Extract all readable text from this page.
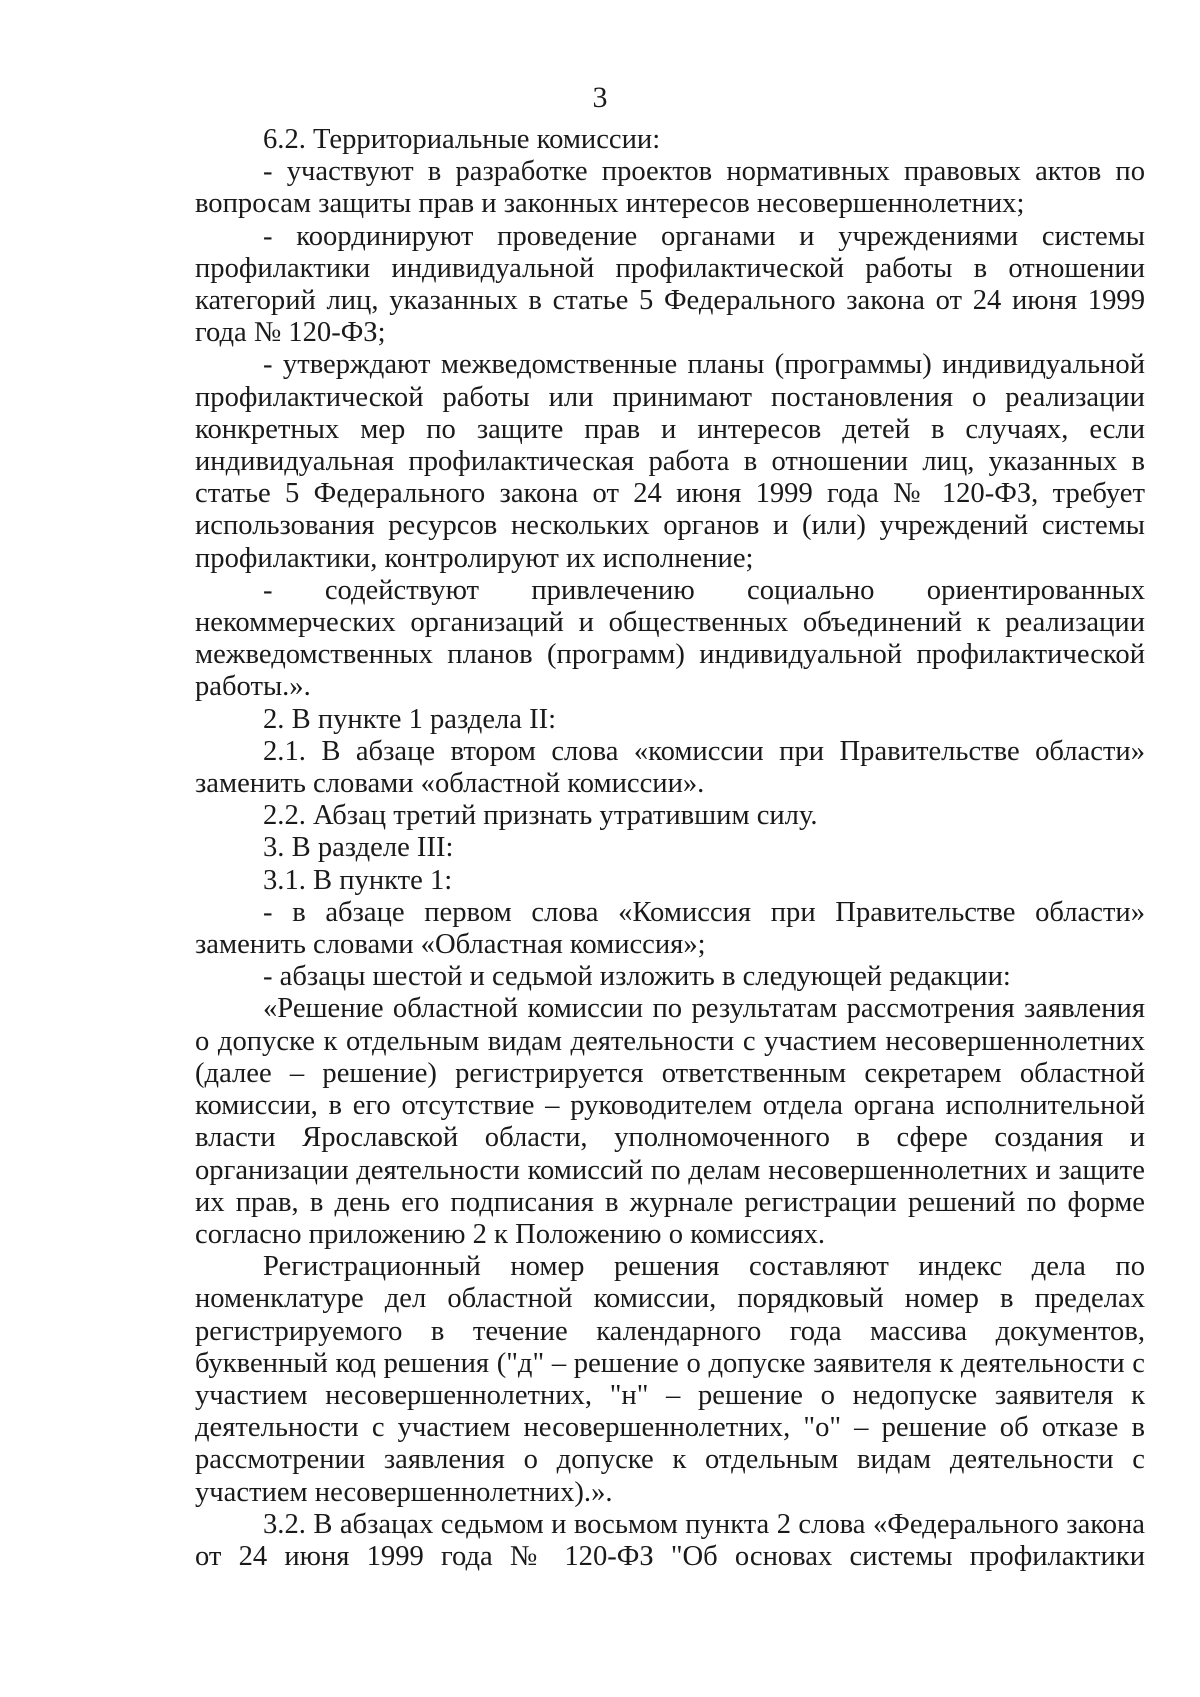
3

6.2. Территориальные комиссии:

- участвуют в разработке проектов нормативных правовых актов по вопросам защиты прав и законных интересов несовершеннолетних;

- координируют проведение органами и учреждениями системы профилактики индивидуальной профилактической работы в отношении категорий лиц, указанных в статье 5 Федерального закона от 24 июня 1999 года № 120-ФЗ;

- утверждают межведомственные планы (программы) индивидуальной профилактической работы или принимают постановления о реализации конкретных мер по защите прав и интересов детей в случаях, если индивидуальная профилактическая работа в отношении лиц, указанных в статье 5 Федерального закона от 24 июня 1999 года № 120-ФЗ, требует использования ресурсов нескольких органов и (или) учреждений системы профилактики, контролируют их исполнение;

- содействуют привлечению социально ориентированных некоммерческих организаций и общественных объединений к реализации межведомственных планов (программ) индивидуальной профилактической работы.».

2. В пункте 1 раздела II:

2.1. В абзаце втором слова «комиссии при Правительстве области» заменить словами «областной комиссии».

2.2. Абзац третий признать утратившим силу.

3. В разделе III:

3.1. В пункте 1:

- в абзаце первом слова «Комиссия при Правительстве области» заменить словами «Областная комиссия»;

- абзацы шестой и седьмой изложить в следующей редакции:

«Решение областной комиссии по результатам рассмотрения заявления о допуске к отдельным видам деятельности с участием несовершеннолетних (далее – решение) регистрируется ответственным секретарем областной комиссии, в его отсутствие – руководителем отдела органа исполнительной власти Ярославской области, уполномоченного в сфере создания и организации деятельности комиссий по делам несовершеннолетних и защите их прав, в день его подписания в журнале регистрации решений по форме согласно приложению 2 к Положению о комиссиях.

Регистрационный номер решения составляют индекс дела по номенклатуре дел областной комиссии, порядковый номер в пределах регистрируемого в течение календарного года массива документов, буквенный код решения ("д" – решение о допуске заявителя к деятельности с участием несовершеннолетних, "н" – решение о недопуске заявителя к деятельности с участием несовершеннолетних, "о" – решение об отказе в рассмотрении заявления о допуске к отдельным видам деятельности с участием несовершеннолетних).».

3.2. В абзацах седьмом и восьмом пункта 2 слова «Федерального закона от 24 июня 1999 года № 120-ФЗ "Об основах системы профилактики
